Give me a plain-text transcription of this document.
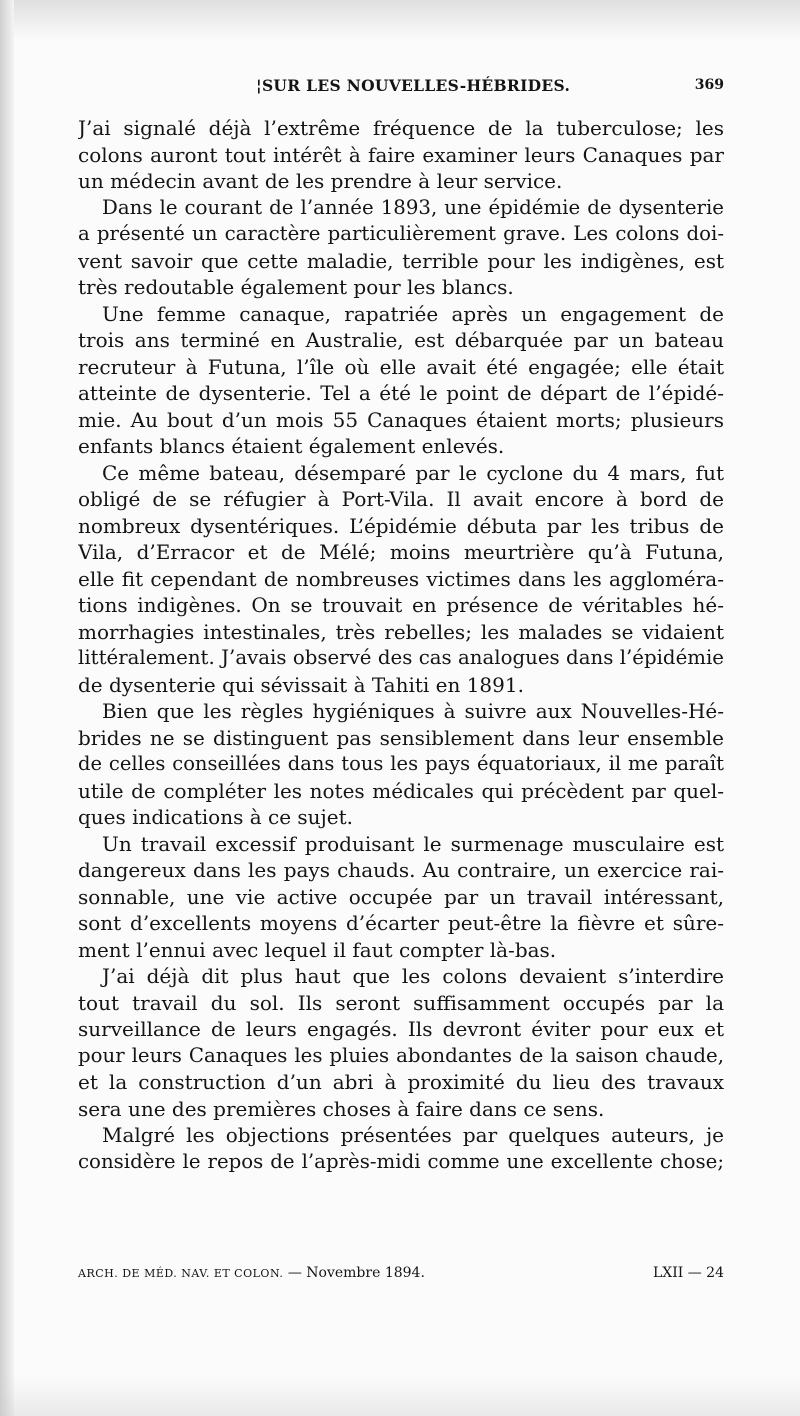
¦SUR LES NOUVELLES-HÉBRIDES.	369
J’ai signalé déjà l’extrême fréquence de la tuberculose; les
colons auront tout intérêt à faire examiner leurs Canaques par
un médecin avant de les prendre à leur service.
Dans le courant de l’année 1893, une épidémie de dysenterie
a présenté un caractère particulièrement grave. Les colons doi-
vent savoir que cette maladie, terrible pour les indigènes, est
très redoutable également pour les blancs.
Une femme canaque, rapatriée après un engagement de
trois ans terminé en Australie, est débarquée par un bateau
recruteur à Futuna, l’île où elle avait été engagée; elle était
atteinte de dysenterie. Tel a été le point de départ de l’épidé-
mie. Au bout d’un mois 55 Canaques étaient morts; plusieurs
enfants blancs étaient également enlevés.
Ce même bateau, désemparé par le cyclone du 4 mars, fut
obligé de se réfugier à Port-Vila. Il avait encore à bord de
nombreux dysentériques. L’épidémie débuta par les tribus de
Vila, d’Erracor et de Mélé; moins meurtrière qu’à Futuna,
elle fit cependant de nombreuses victimes dans les aggloméra-
tions indigènes. On se trouvait en présence de véritables hé-
morrhagies intestinales, très rebelles; les malades se vidaient
littéralement. J’avais observé des cas analogues dans l’épidémie
de dysenterie qui sévissait à Tahiti en 1891.
Bien que les règles hygiéniques à suivre aux Nouvelles-Hé-
brides ne se distinguent pas sensiblement dans leur ensemble
de celles conseillées dans tous les pays équatoriaux, il me paraît
utile de compléter les notes médicales qui précèdent par quel-
ques indications à ce sujet.
Un travail excessif produisant le surmenage musculaire est
dangereux dans les pays chauds. Au contraire, un exercice rai-
sonnable, une vie active occupée par un travail intéressant,
sont d’excellents moyens d’écarter peut-être la fièvre et sûre-
ment l’ennui avec lequel il faut compter là-bas.
J’ai déjà dit plus haut que les colons devaient s’interdire
tout travail du sol. Ils seront suffisamment occupés par la
surveillance de leurs engagés. Ils devront éviter pour eux et
pour leurs Canaques les pluies abondantes de la saison chaude,
et la construction d’un abri à proximité du lieu des travaux
sera une des premières choses à faire dans ce sens.
Malgré les objections présentées par quelques auteurs, je
considère le repos de l’après-midi comme une excellente chose;
ARCH. DE MÉD. NAV. ET COLON. — Novembre 1894.	LXII — 24
